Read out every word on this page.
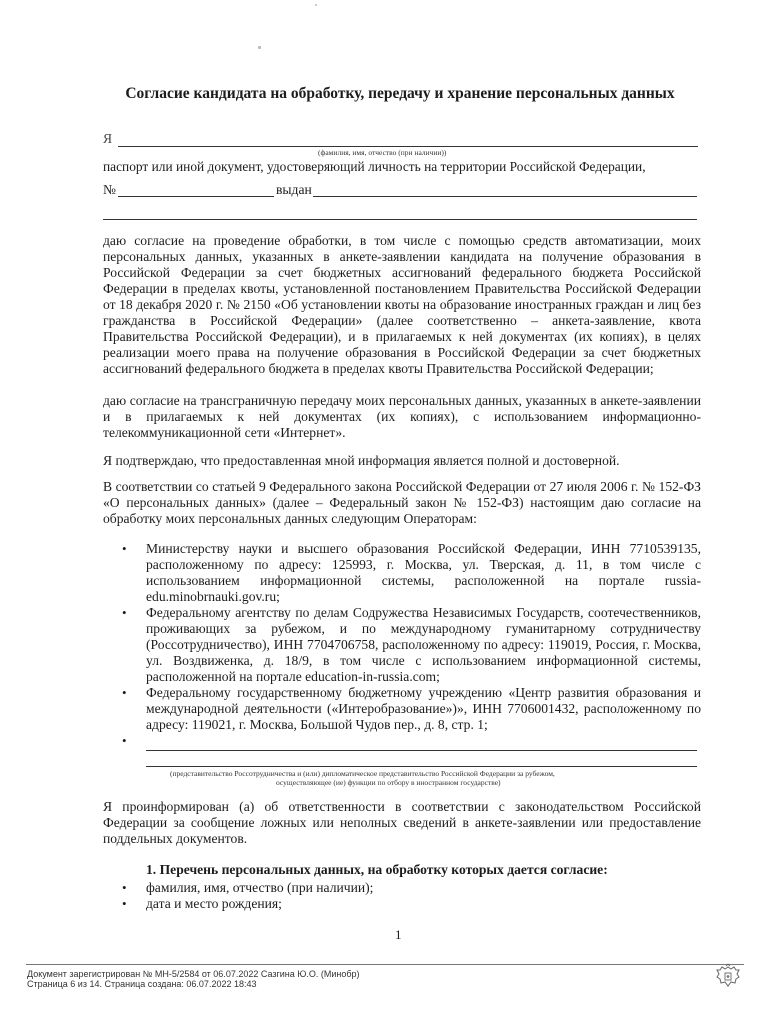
Согласие кандидата на обработку, передачу и хранение персональных данных
Я
(фамилия, имя, отчество (при наличии))
паспорт или иной документ, удостоверяющий личность на территории Российской Федерации,
№	выдан
даю согласие на проведение обработки, в том числе с помощью средств автоматизации, моих персональных данных, указанных в анкете-заявлении кандидата на получение образования в Российской Федерации за счет бюджетных ассигнований федерального бюджета Российской Федерации в пределах квоты, установленной постановлением Правительства Российской Федерации от 18 декабря 2020 г. № 2150 «Об установлении квоты на образование иностранных граждан и лиц без гражданства в Российской Федерации» (далее соответственно – анкета-заявление, квота Правительства Российской Федерации), и в прилагаемых к ней документах (их копиях), в целях реализации моего права на получение образования в Российской Федерации за счет бюджетных ассигнований федерального бюджета в пределах квоты Правительства Российской Федерации;
даю согласие на трансграничную передачу моих персональных данных, указанных в анкете-заявлении и в прилагаемых к ней документах (их копиях), с использованием информационно-телекоммуникационной сети «Интернет».
Я подтверждаю, что предоставленная мной информация является полной и достоверной.
В соответствии со статьей 9 Федерального закона Российской Федерации от 27 июля 2006 г. № 152-ФЗ «О персональных данных» (далее – Федеральный закон № 152-ФЗ) настоящим даю согласие на обработку моих персональных данных следующим Операторам:
• Министерству науки и высшего образования Российской Федерации, ИНН 7710539135, расположенному по адресу: 125993, г. Москва, ул. Тверская, д. 11, в том числе с использованием информационной системы, расположенной на портале russia-edu.minobrnauki.gov.ru;
• Федеральному агентству по делам Содружества Независимых Государств, соотечественников, проживающих за рубежом, и по международному гуманитарному сотрудничеству (Россотрудничество), ИНН 7704706758, расположенному по адресу: 119019, Россия, г. Москва, ул. Воздвиженка, д. 18/9, в том числе с использованием информационной системы, расположенной на портале education-in-russia.com;
• Федеральному государственному бюджетному учреждению «Центр развития образования и международной деятельности («Интеробразование»)», ИНН 7706001432, расположенному по адресу: 119021, г. Москва, Большой Чудов пер., д. 8, стр. 1;
•
(представительство Россотрудничества и (или) дипломатическое представительство Российской Федерации за рубежом,
осуществляющее (ие) функции по отбору в иностранном государстве)
Я проинформирован (а) об ответственности в соответствии с законодательством Российской Федерации за сообщение ложных или неполных сведений в анкете-заявлении или предоставление поддельных документов.
1. Перечень персональных данных, на обработку которых дается согласие:
• фамилия, имя, отчество (при наличии);
• дата и место рождения;
1
Документ зарегистрирован № МН-5/2584 от 06.07.2022 Сазгина Ю.О. (Минобр)
Страница 6 из 14. Страница создана: 06.07.2022 18:43
